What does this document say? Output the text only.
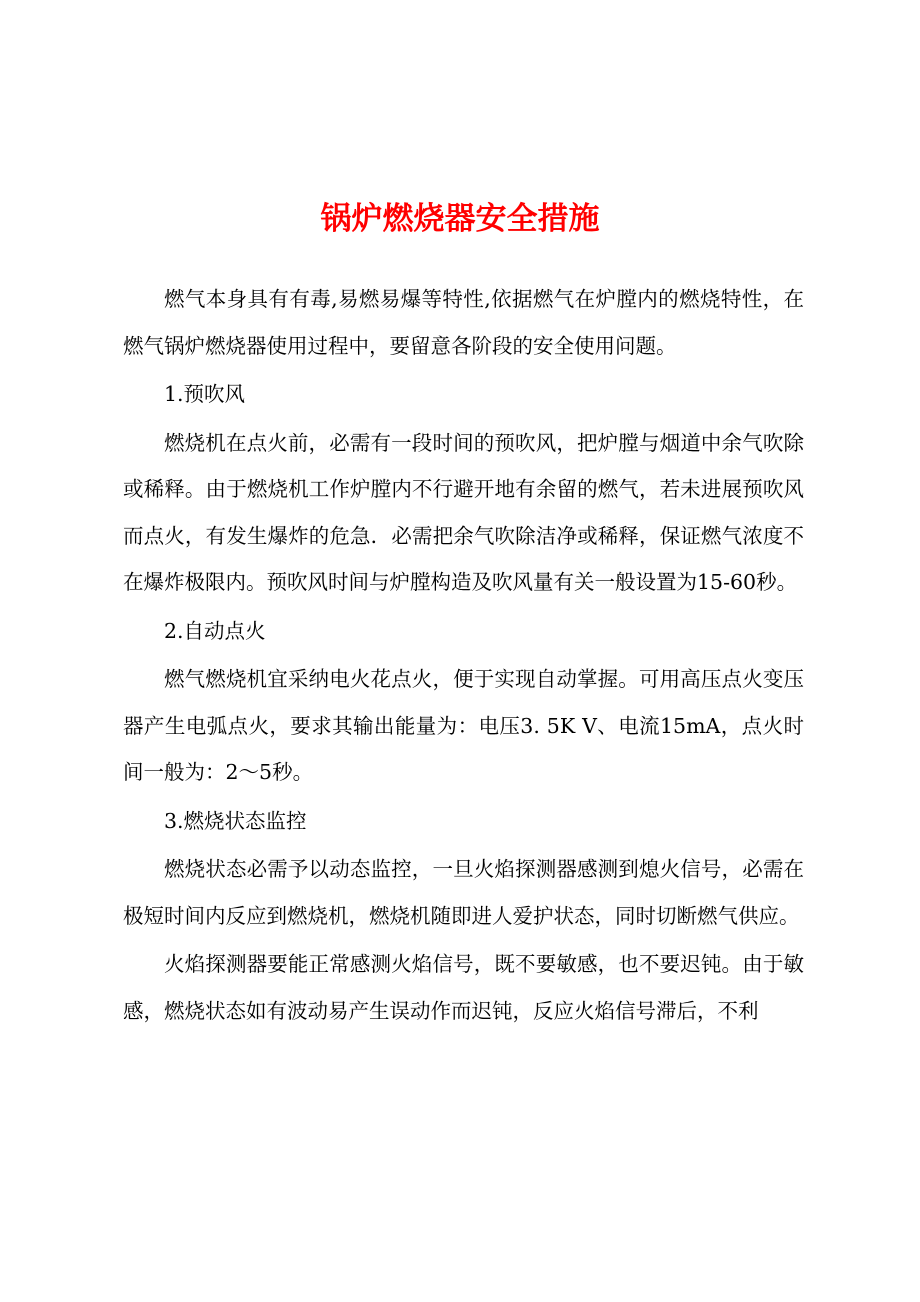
锅炉燃烧器安全措施

燃气本身具有有毒,易燃易爆等特性,依据燃气在炉膛内的燃烧特性，在燃气锅炉燃烧器使用过程中，要留意各阶段的安全使用问题。

1.预吹风

燃烧机在点火前，必需有一段时间的预吹风，把炉膛与烟道中余气吹除或稀释。由于燃烧机工作炉膛内不行避开地有余留的燃气，若未进展预吹风而点火，有发生爆炸的危急．必需把余气吹除洁净或稀释，保证燃气浓度不在爆炸极限内。预吹风时间与炉膛构造及吹风量有关一般设置为15-60秒。

2.自动点火

燃气燃烧机宜采纳电火花点火，便于实现自动掌握。可用高压点火变压器产生电弧点火，要求其输出能量为：电压3. 5K V、电流15mA，点火时间一般为：2～5秒。

3.燃烧状态监控

燃烧状态必需予以动态监控，一旦火焰探测器感测到熄火信号，必需在极短时间内反应到燃烧机，燃烧机随即进人爱护状态，同时切断燃气供应。

火焰探测器要能正常感测火焰信号，既不要敏感，也不要迟钝。由于敏感，燃烧状态如有波动易产生误动作而迟钝，反应火焰信号滞后，不利
